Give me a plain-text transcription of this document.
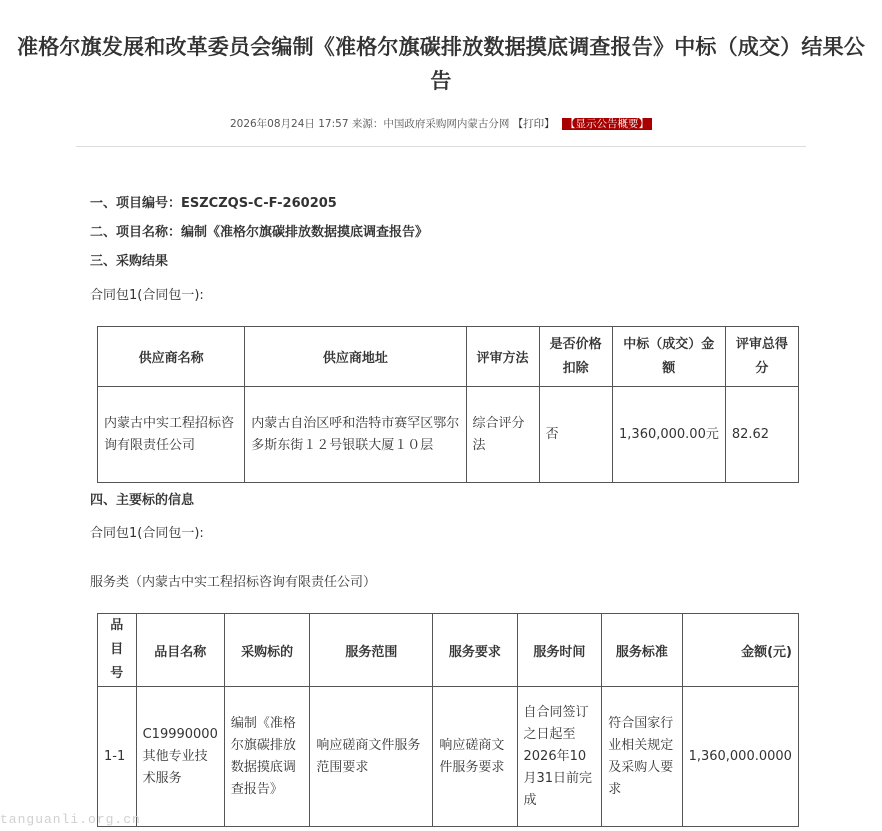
准格尔旗发展和改革委员会编制《准格尔旗碳排放数据摸底调查报告》中标（成交）结果公告
2026年08月24日 17:57 来源：中国政府采购网内蒙古分网 【打印】 【显示公告概要】
一、项目编号：ESZCZQS-C-F-260205
二、项目名称：编制《准格尔旗碳排放数据摸底调查报告》
三、采购结果
合同包1(合同包一):
供应商名称	供应商地址	评审方法	是否价格扣除	中标（成交）金额	评审总得分
内蒙古中实工程招标咨询有限责任公司	内蒙古自治区呼和浩特市赛罕区鄂尔多斯东街１２号银联大厦１０层	综合评分法	否	1,360,000.00元	82.62
四、主要标的信息
合同包1(合同包一):
服务类（内蒙古中实工程招标咨询有限责任公司）
品目号	品目名称	采购标的	服务范围	服务要求	服务时间	服务标准	金额(元)
1-1	C19990000其他专业技术服务	编制《准格尔旗碳排放数据摸底调查报告》	响应磋商文件服务范围要求	响应磋商文件服务要求	自合同签订之日起至2026年10月31日前完成	符合国家行业相关规定及采购人要求	1,360,000.0000
tanguanli.org.cn
